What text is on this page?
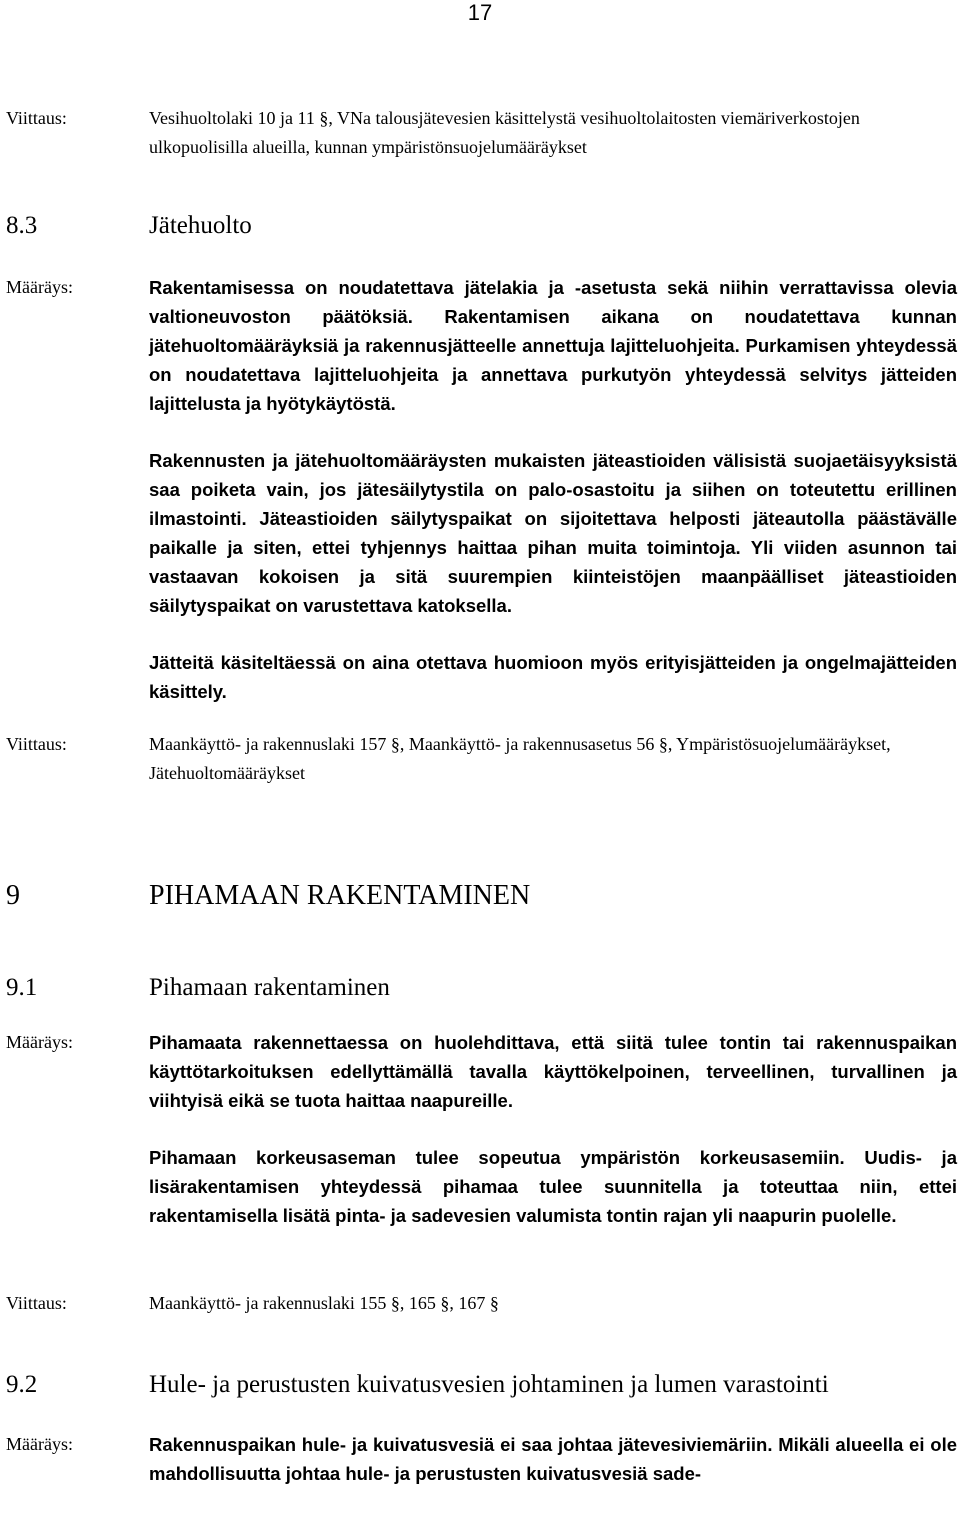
17
Viittaus:	Vesihuoltolaki 10 ja 11 §, VNa talousjätevesien käsittelystä vesihuoltolaitosten viemäriverkostojen ulkopuolisilla alueilla, kunnan ympäristönsuojelumääräykset
8.3	Jätehuolto
Määräys:	Rakentamisessa on noudatettava jätelakia ja -asetusta sekä niihin verrattavissa olevia valtioneuvoston päätöksiä. Rakentamisen aikana on noudatettava kunnan jätehuoltomääräyksiä ja rakennusjätteelle annettuja lajitteluohjeita. Purkamisen yhteydessä on noudatettava lajitteluohjeita ja annettava purkutyön yhteydessä selvitys jätteiden lajittelusta ja hyötykäytöstä.

Rakennusten ja jätehuoltomääräysten mukaisten jäteastioiden välisistä suojaetäisyyksistä saa poiketa vain, jos jätesäilytystila on palo-osastoitu ja siihen on toteutettu erillinen ilmastointi. Jäteastioiden säilytyspaikat on sijoitettava helposti jäteautolla päästävälle paikalle ja siten, ettei tyhjennys haittaa pihan muita toimintoja. Yli viiden asunnon tai vastaavan kokoisen ja sitä suurempien kiinteistöjen maanpäälliset jäteastioiden säilytyspaikat on varustettava katoksella.

Jätteitä käsiteltäessä on aina otettava huomioon myös erityisjätteiden ja ongelmajätteiden käsittely.

Viittaus:	Maankäyttö- ja rakennuslaki 157 §, Maankäyttö- ja rakennusasetus 56 §, Ympäristösuojelumääräykset, Jätehuoltomääräykset
9	PIHAMAAN RAKENTAMINEN
9.1	Pihamaan rakentaminen
Määräys:	Pihamaata rakennettaessa on huolehdittava, että siitä tulee tontin tai rakennuspaikan käyttötarkoituksen edellyttämällä tavalla käyttökelpoinen, terveellinen, turvallinen ja viihtyisä eikä se tuota haittaa naapureille.

Pihamaan korkeusaseman tulee sopeutua ympäristön korkeusasemiin. Uudis- ja lisärakentamisen yhteydessä pihamaa tulee suunnitella ja toteuttaa niin, ettei rakentamisella lisätä pinta- ja sadevesien valumista tontin rajan yli naapurin puolelle.

Viittaus:	Maankäyttö- ja rakennuslaki 155 §, 165 §, 167 §
9.2	Hule- ja perustusten kuivatusvesien johtaminen ja lumen varastointi
Määräys:	Rakennuspaikan hule- ja kuivatusvesiä ei saa johtaa jätevesiviemäriin. Mikäli alueella ei ole mahdollisuutta johtaa hule- ja perustusten kuivatusvesiä sade-
